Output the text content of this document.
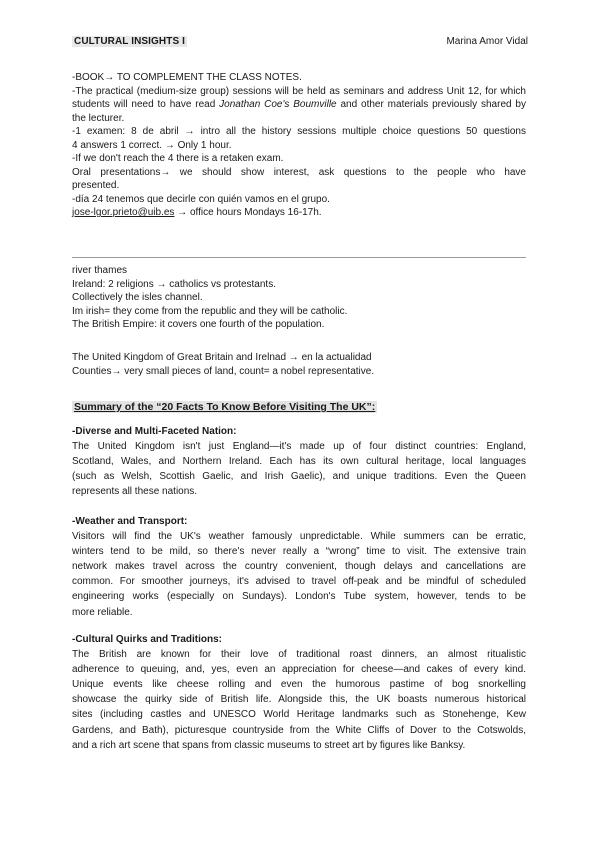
CULTURAL INSIGHTS I	Marina Amor Vidal
-BOOK→ TO COMPLEMENT THE CLASS NOTES.
-The practical (medium-size group) sessions will be held as seminars and address Unit 12, for which students will need to have read Jonathan Coe's Boumville and other materials previously shared by the lecturer.
-1 examen: 8 de abril → intro all the history sessions multiple choice questions 50 questions
4 answers 1 correct. → Only 1 hour.
-If we don't reach the 4 there is a retaken exam.
Oral presentations→ we should show interest, ask questions to the people who have
presented.
-día 24 tenemos que decirle con quién vamos en el grupo.
jose-lgor.prieto@uib.es → office hours Mondays 16-17h.
river thames
Ireland: 2 religions → catholics vs protestants.
Collectively the isles channel.
Im irish= they come from the republic and they will be catholic.
The British Empire: it covers one fourth of the population.
The United Kingdom of Great Britain and Irelnad → en la actualidad
Counties→ very small pieces of land, count= a nobel representative.
Summary of the “20 Facts To Know Before Visiting The UK”:
-Diverse and Multi-Faceted Nation:
The United Kingdom isn't just England—it's made up of four distinct countries: England,
Scotland, Wales, and Northern Ireland. Each has its own cultural heritage, local languages
(such as Welsh, Scottish Gaelic, and Irish Gaelic), and unique traditions. Even the Queen
represents all these nations.
-Weather and Transport:
Visitors will find the UK's weather famously unpredictable. While summers can be erratic,
winters tend to be mild, so there's never really a “wrong” time to visit. The extensive train
network makes travel across the country convenient, though delays and cancellations are
common. For smoother journeys, it's advised to travel off-peak and be mindful of scheduled
engineering works (especially on Sundays). London's Tube system, however, tends to be
more reliable.
-Cultural Quirks and Traditions:
The British are known for their love of traditional roast dinners, an almost ritualistic
adherence to queuing, and, yes, even an appreciation for cheese—and cakes of every kind.
Unique events like cheese rolling and even the humorous pastime of bog snorkelling
showcase the quirky side of British life. Alongside this, the UK boasts numerous historical
sites (including castles and UNESCO World Heritage landmarks such as Stonehenge, Kew
Gardens, and Bath), picturesque countryside from the White Cliffs of Dover to the Cotswolds,
and a rich art scene that spans from classic museums to street art by figures like Banksy.
